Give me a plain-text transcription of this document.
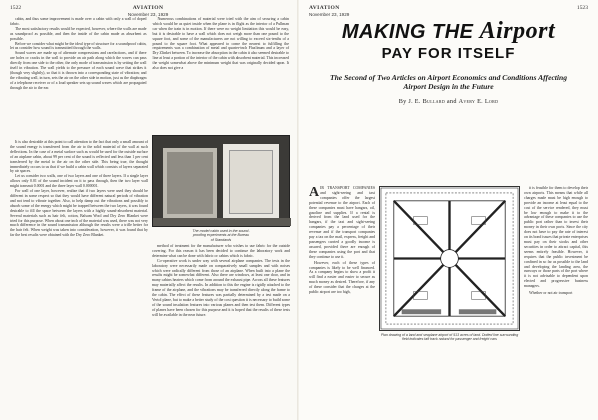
1522	AVIATION
November 23, 1929

cabin, and thus some improvement is made over a cabin with only a wall of doped fabric.

The most satisfactory results would be expected, however, where the walls are made as soundproof as possible, and then the inside of the cabin made as absorbent as possible.

Before we consider what might be the ideal type of structure for a soundproof cabin, let us consider how sound is transmitted through the walls.

Sound waves are made up of alternate compressions and rarefactions, and if there are holes or cracks in the wall to provide an air path along which the waves can pass directly from one side to the other, the only mode of transmission is by setting the wall itself in vibration. The wall yields to the pressure of each sound wave that strikes it (though very slightly), so that it is thrown into a corresponding state of vibration; and the vibrating wall, in turn, sets the air on the other side in motion, just as the diaphragm of a telephone receiver or of a loud speaker sets up sound waves which are propagated through the air to the ear.

Numerous combinations of material were tried with the aim of securing a cabin which would be as quiet inside when the plane is in flight as the interior of a Pullman car when the train is in motion. If there were no weight limitation this would be easy, but it is desirable to have a wall which does not weigh more than one pound to the square foot, and some of the manufacturers are not willing to exceed six-tenths of a pound to the square foot. What appeared to come the nearest to fulfilling the requirements was a combination of metal and quarter-inch Flaxlinum and a layer of Dry Zlinket between. To increase the absorption in the cabin it also seemed desirable to line at least a portion of the interior of the cabin with absorbent material. This increased the weight somewhat above the minimum weight that was originally decided upon. It also does not give a

It is also desirable at this point to call attention to the fact that only a small amount of the sound energy is transferred from the air to the solid material of the wall at such deflections. In the case of a metal surface such as would be used for the outside surface of an airplane cabin, about 99 per cent of the sound is reflected and less than 1 per cent transferred by the metal to the air on the other side. This being true, the thought immediately occurs to us that if we build a cabin wall which consists of layers separated by air spaces.

Let us consider two walls, one of two layers and one of three layers. If a single layer allows only 0.01 of the sound incident on it to pass through, then the two layer wall might transmit 0.0001 and the three layer wall 0.000001.

For wall of one layer, however, realize that if two layers were used they should be different in some respect so that they would have different natural periods of vibration and not tend to vibrate together. Also, to help damp out the vibrations and possibly to absorb some of the energy which might be trapped between the two layers, it was found desirable to fill the space between the layers with a highly sound-absorbent material. Several materials such as hair felt, cotton, Balsam Wool and Dry Zero Blanket were tried for this purpose. When about one inch of the material was used, there was not very much difference in the sound transmission although the results were a trifle better for the hair felt. When weight was taken into consideration, however, it was found that by far the best results were obtained with the Dry Zero Blanket.

The model cabin used in the sound-
proofing experiments at the Bureau
of Standards

method of treatment for the manufacturer who wishes to use fabric for the outside covering. For this reason it has been decided to continue the laboratory work and determine what can be done with fabric or cabins which is fabric.

Co-operative work is under way with several airplane companies. The tests in the laboratory were necessarily made on comparatively small samples and with noises which were radically different from those of an airplane. When built into a plane the results might be somewhat different. Also there are windows, at least one door, and in many cabins heaters which come from around the exhaust pipe. Across all these features may materially affect the results. In addition to this the engine is rigidly attached to the frame of the airplane, and the vibrations may be transferred directly along the frame to the cabin. The effect of these features was partially determined by a test made on a Vertol plane, but to make a better study of the cost question it is necessary to build some of the sound insulation features into various planes and then test them. Different types of planes have been chosen for this purpose and it is hoped that the results of these tests will be available in the near future.

AVIATION
November 23, 1929
1523
MAKING THE Airport
PAY FOR ITSELF
The Second of Two Articles on Airport Economics and Conditions Affecting Airport Design in the Future
By J. E. Bullard and Avery E. Lord
A IR TRANSPORT COMPANIES and sight-seeing and taxi companies offer the largest potential revenue to the airport. Each of these companies must have hangars, oil, gasoline and supplies. If a rental is derived from the land used for the hangars, if the taxi and sight-seeing companies pay a percentage of their revenue and if the transport companies pay a tax on the mail, express, freight and passengers carried a goodly income is assured, provided there are enough of these companies using the port and that they continue to use it.

However, each of these types of companies is likely to be well financed. As a company begins to show a profit it will find a easier and easier to secure as much money as desired. Therefore, if any of these consider that the charges at the public airport are too high,

Plan drawing of a land and seaplane airport of 513 acres of land. Dotted line surrounding field indicates taft track natural for passenger and freight cars

it is feasible for them to develop their own airports. This means that while all charges made must be high enough to provide an income at least equal to the cost of the service rendered, they must be low enough to make it to the advantage of these companies to use the public port rather than to invest their money in their own ports. Since the city does not have to pay the rate of interest on its bond issues that private enterprises must pay on their stocks and other securities in order to attract capital, this seems entirely feasible. However, it requires that the public investment be confined in so far as possible to the land and developing the landing area, the runways or those parts of the port where it is not advisable to dependent upon elected and progressive business managers.

Whether or not air transport
